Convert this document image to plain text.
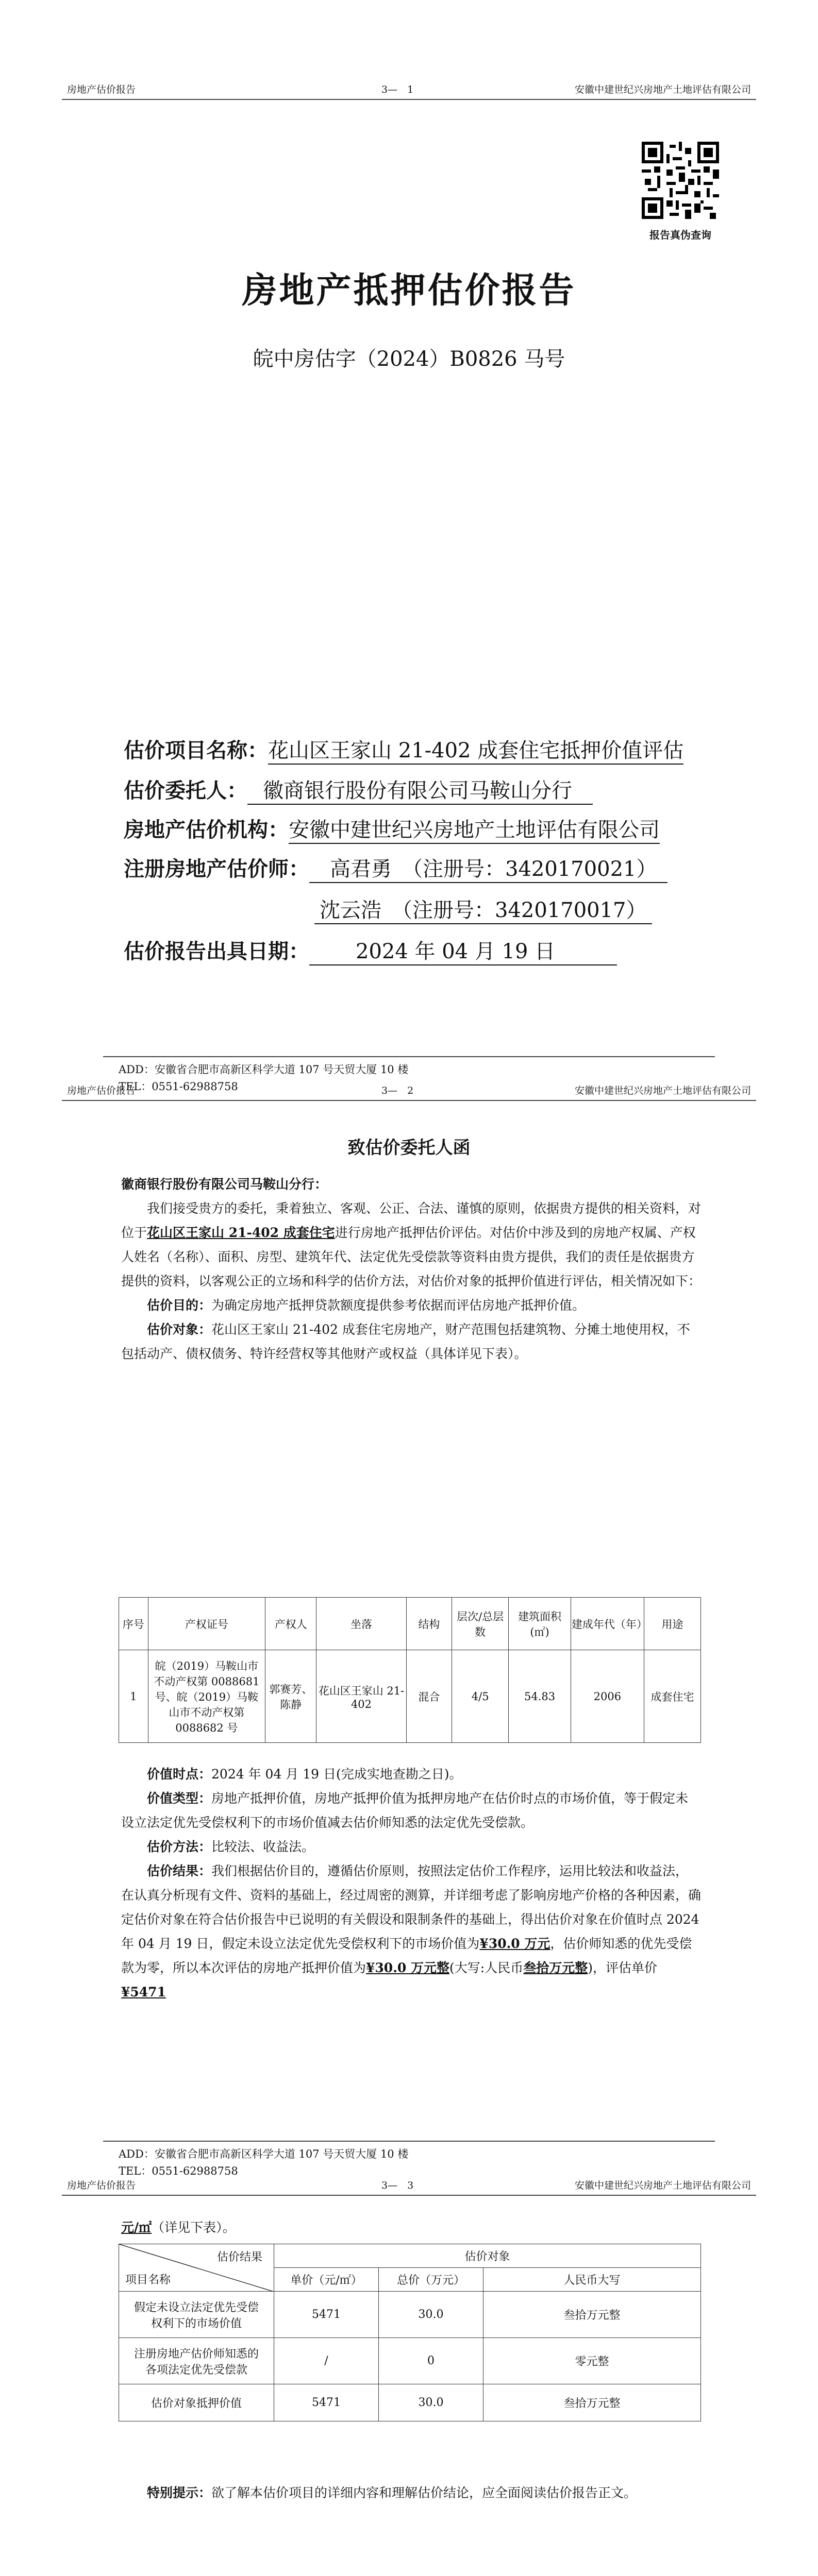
房地产估价报告	3—　 1	安徽中建世纪兴房地产土地评估有限公司
报告真伪查询
房地产抵押估价报告
皖中房估字（2024）B0826 马号
估价项目名称：花山区王家山 21-402 成套住宅抵押价值评估
估价委托人： 徽商银行股份有限公司马鞍山分行
房地产估价机构：安徽中建世纪兴房地产土地评估有限公司
注册房地产估价师： 高君勇　（注册号：3420170021）
沈云浩　（注册号：3420170017）
估价报告出具日期： 2024 年 04 月 19 日
ADD：安徽省合肥市高新区科学大道 107 号天贸大厦 10 楼
TEL：0551-62988758
房地产估价报告	3—　 2	安徽中建世纪兴房地产土地评估有限公司
致估价委托人函
徽商银行股份有限公司马鞍山分行：

我们接受贵方的委托，秉着独立、客观、公正、合法、谨慎的原则，依据贵方提供的相关资料，对位于花山区王家山 21-402 成套住宅进行房地产抵押估价评估。对估价中涉及到的房地产权属、产权人姓名（名称）、面积、房型、建筑年代、法定优先受偿款等资料由贵方提供，我们的责任是依据贵方提供的资料，以客观公正的立场和科学的估价方法，对估价对象的抵押价值进行评估，相关情况如下：

估价目的：为确定房地产抵押贷款额度提供参考依据而评估房地产抵押价值。

估价对象：花山区王家山 21-402 成套住宅房地产，财产范围包括建筑物、分摊土地使用权，不包括动产、债权债务、特许经营权等其他财产或权益（具体详见下表）。

序号	产权证号	产权人	坐落	结构	层次/总层数	建筑面积(㎡)	建成年代（年）	用途
1	皖（2019）马鞍山市不动产权第 0088681 号、皖（2019）马鞍山市不动产权第 0088682 号	郭赛芳、陈静	花山区王家山 21-402	混合	4/5	54.83	2006	成套住宅

价值时点：2024 年 04 月 19 日(完成实地查勘之日)。

价值类型：房地产抵押价值，房地产抵押价值为抵押房地产在估价时点的市场价值，等于假定未设立法定优先受偿权利下的市场价值减去估价师知悉的法定优先受偿款。

估价方法：比较法、收益法。

估价结果：我们根据估价目的，遵循估价原则，按照法定估价工作程序，运用比较法和收益法，在认真分析现有文件、资料的基础上，经过周密的测算，并详细考虑了影响房地产价格的各种因素，确定估价对象在符合估价报告中已说明的有关假设和限制条件的基础上，得出估价对象在价值时点 2024 年 04 月 19 日，假定未设立法定优先受偿权利下的市场价值为¥30.0 万元，估价师知悉的优先受偿款为零，所以本次评估的房地产抵押价值为¥30.0 万元整(大写:人民币叁拾万元整)，评估单价¥5471

ADD：安徽省合肥市高新区科学大道 107 号天贸大厦 10 楼
TEL：0551-62988758
房地产估价报告	3—　 3	安徽中建世纪兴房地产土地评估有限公司
元/㎡（详见下表）。
估价结果
项目名称	估价对象		
	单价（元/㎡）	总价（万元）	人民币大写
假定未设立法定优先受偿权利下的市场价值	5471	30.0	叁拾万元整
注册房地产估价师知悉的各项法定优先受偿款	/	0	零元整
估价对象抵押价值	5471	30.0	叁拾万元整

特别提示：欲了解本估价项目的详细内容和理解估价结论，应全面阅读估价报告正文。
